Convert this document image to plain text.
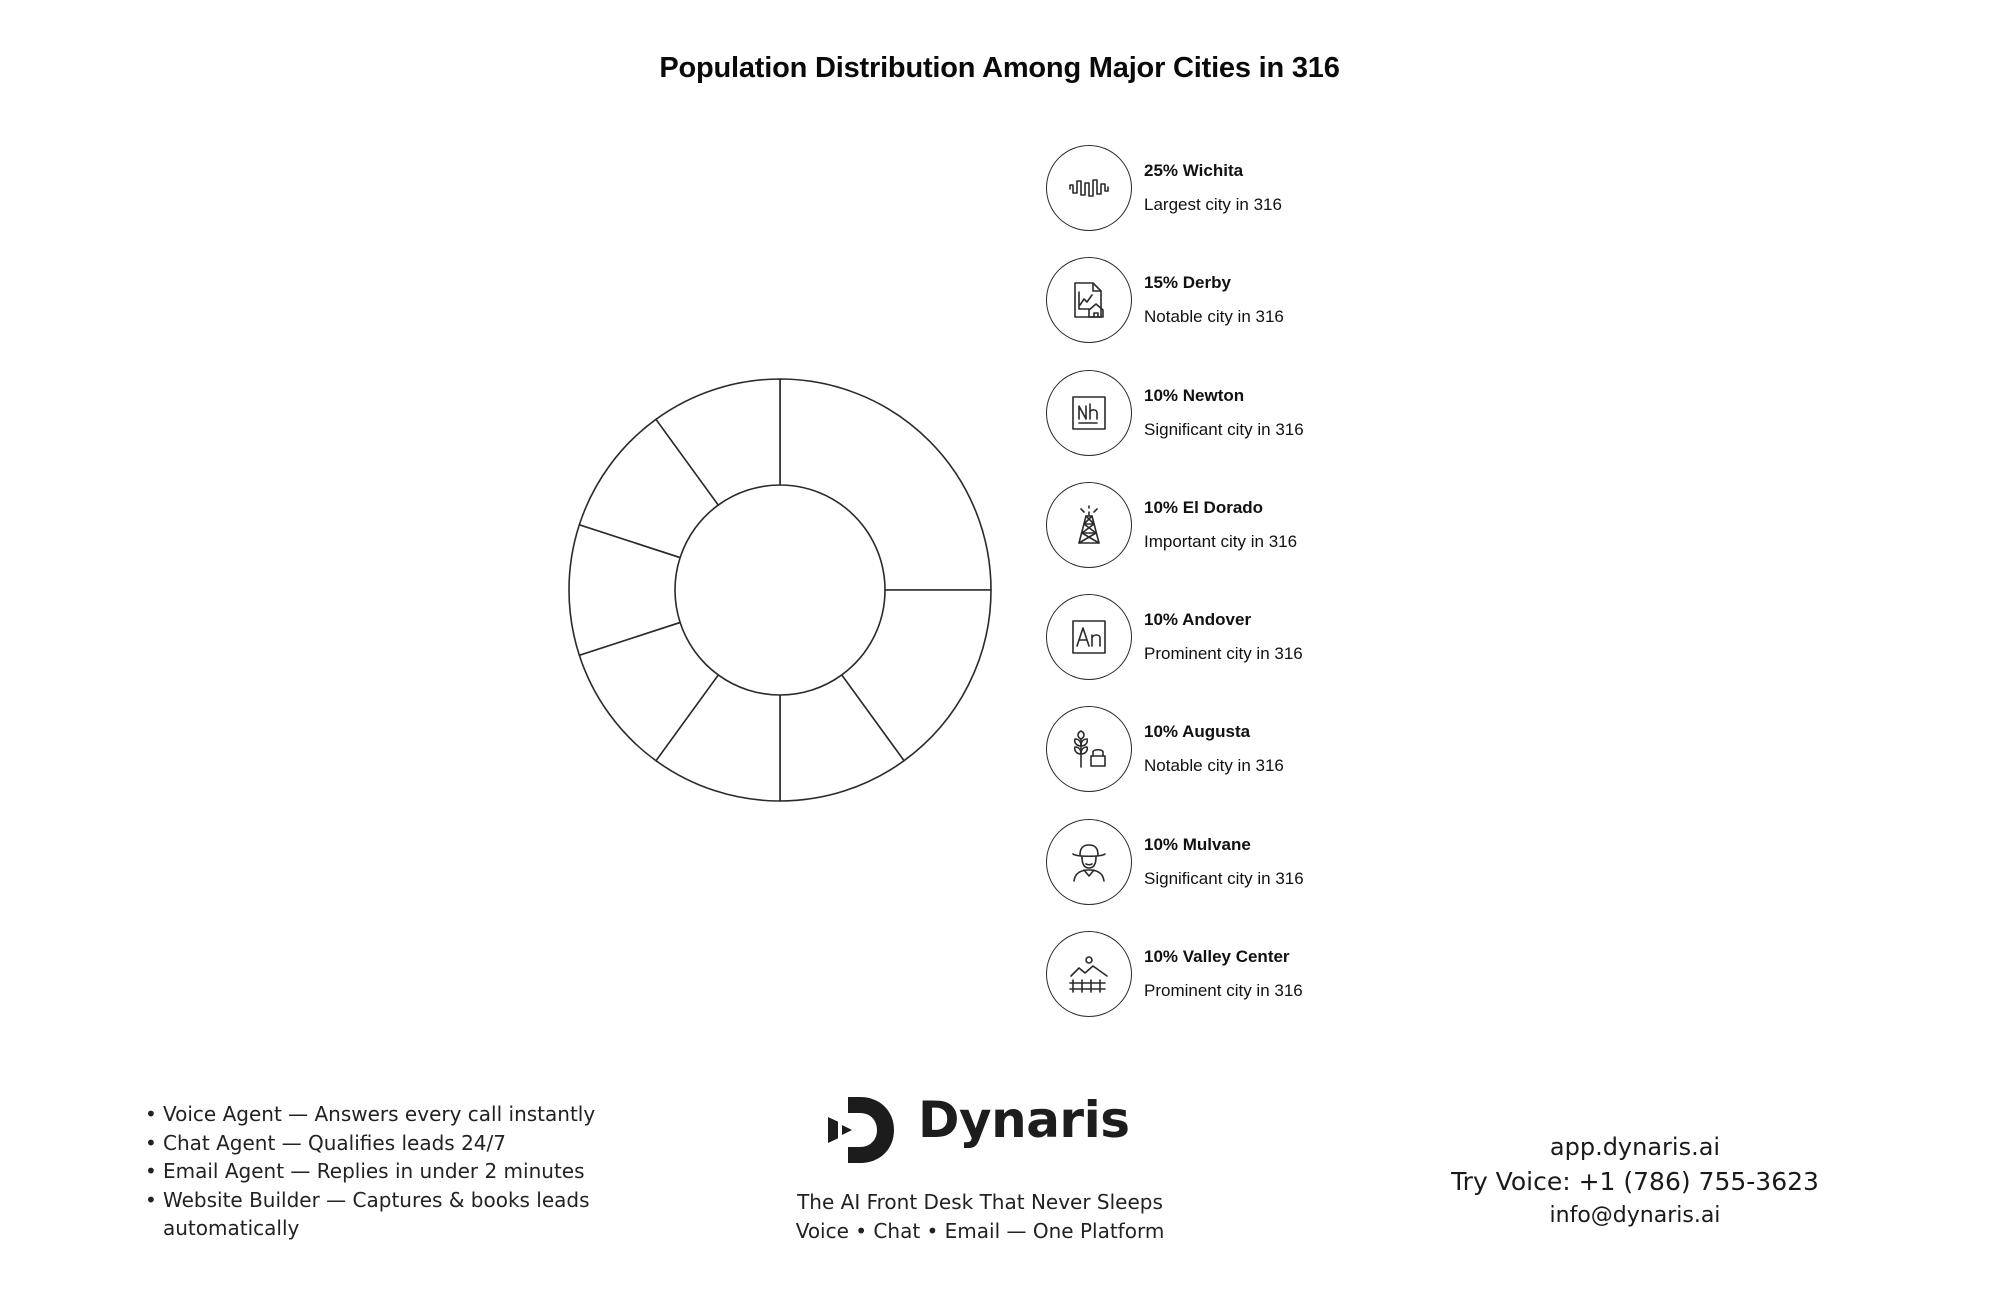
Population Distribution Among Major Cities in 316
25% Wichita
Largest city in 316
15% Derby
Notable city in 316
10% Newton
Significant city in 316
10% El Dorado
Important city in 316
10% Andover
Prominent city in 316
10% Augusta
Notable city in 316
10% Mulvane
Significant city in 316
10% Valley Center
Prominent city in 316
• Voice Agent — Answers every call instantly
• Chat Agent — Qualifies leads 24/7
• Email Agent — Replies in under 2 minutes
• Website Builder — Captures & books leads automatically
Dynaris
The AI Front Desk That Never Sleeps
Voice • Chat • Email — One Platform
app.dynaris.ai
Try Voice: +1 (786) 755-3623
info@dynaris.ai
